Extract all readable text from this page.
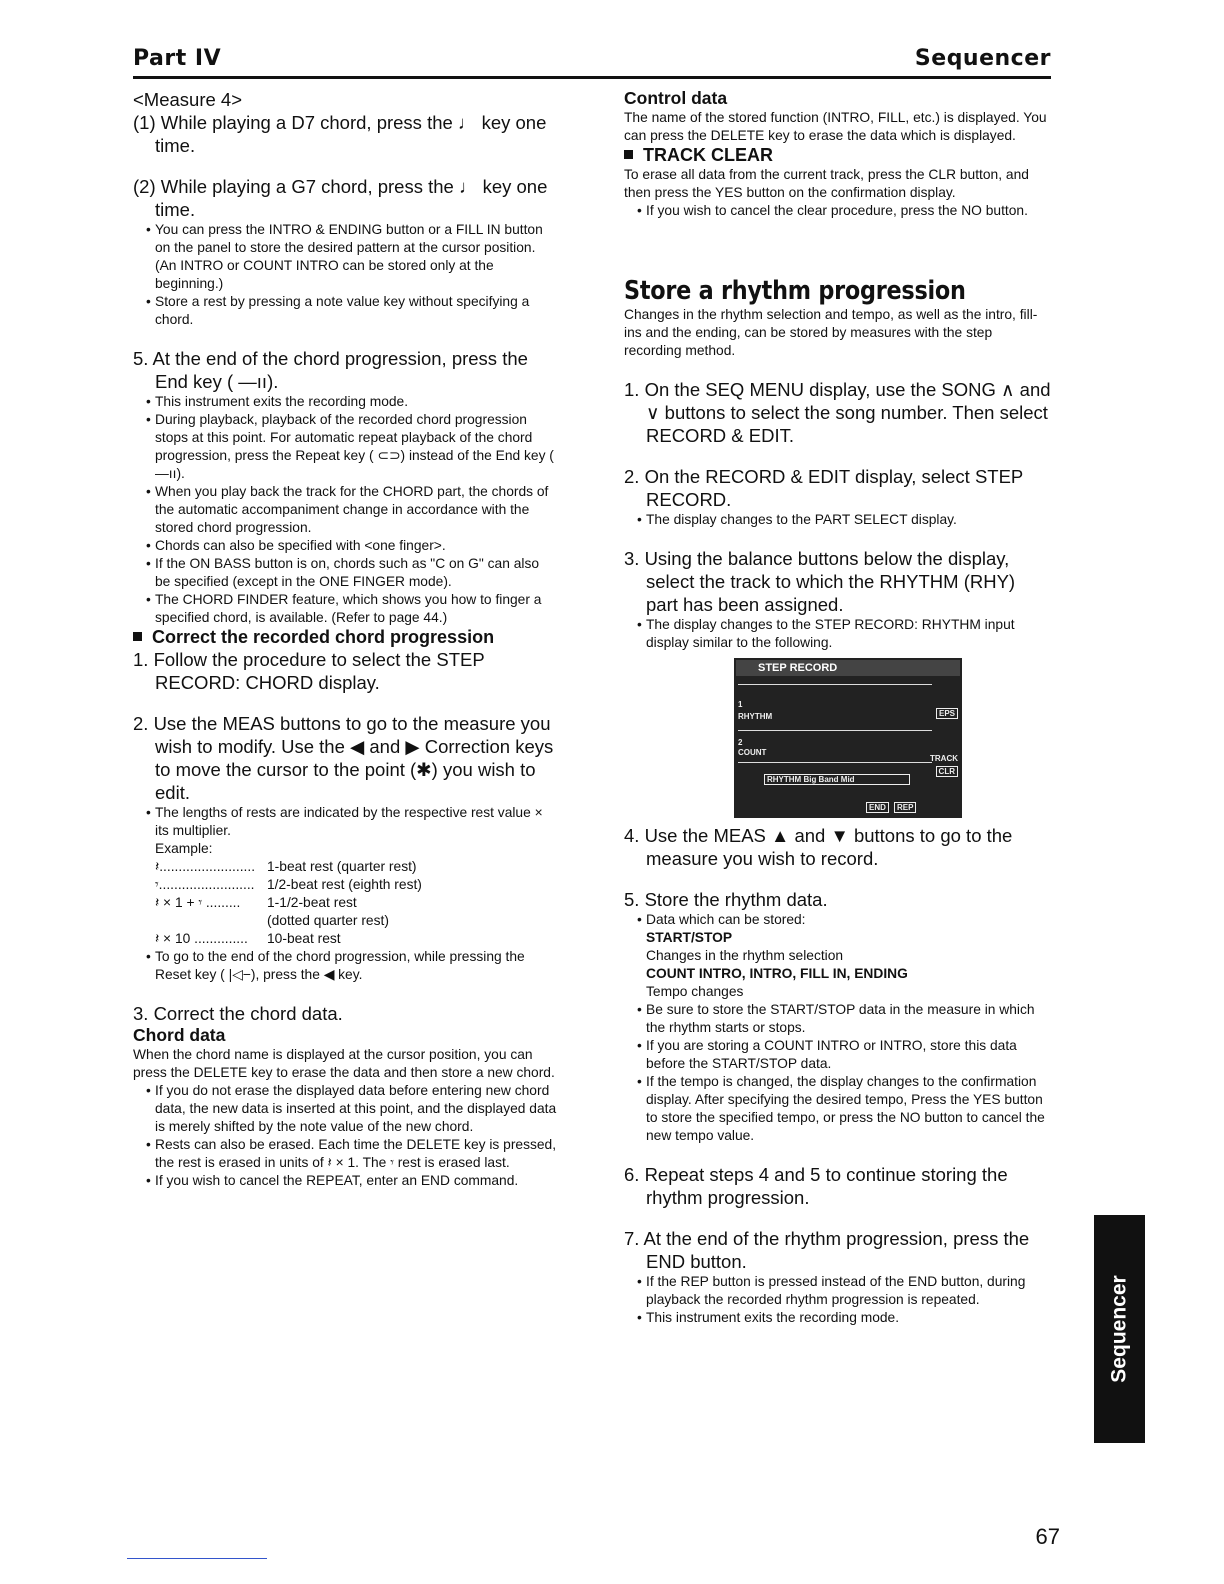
Part IV	Sequencer

<Measure 4>

(1) While playing a D7 chord, press the ♩ key one time.

(2) While playing a G7 chord, press the ♩ key one time.

• You can press the INTRO & ENDING button or a FILL IN button on the panel to store the desired pattern at the cursor position. (An INTRO or COUNT INTRO can be stored only at the beginning.)

• Store a rest by pressing a note value key without specifying a chord.

5. At the end of the chord progression, press the End key ( —ıı).

• This instrument exits the recording mode.

• During playback, playback of the recorded chord progression stops at this point. For automatic repeat playback of the chord progression, press the Repeat key ( ⊂⊃) instead of the End key ( —ıı).

• When you play back the track for the CHORD part, the chords of the automatic accompaniment change in accordance with the stored chord progression.

• Chords can also be specified with <one finger>.

• If the ON BASS button is on, chords such as "C on G" can also be specified (except in the ONE FINGER mode).

• The CHORD FINDER feature, which shows you how to finger a specified chord, is available. (Refer to page 44.)

Correct the recorded chord progression

1. Follow the procedure to select the STEP RECORD: CHORD display.

2. Use the MEAS buttons to go to the measure you wish to modify. Use the ◀ and ▶ Correction keys to move the cursor to the point (✱) you wish to edit.

• The lengths of rests are indicated by the respective rest value × its multiplier.

Example:

𝄽......................... 1-beat rest (quarter rest)
𝄾......................... 1/2-beat rest (eighth rest)
𝄽 × 1 + 𝄾 .........	1-1/2-beat rest
(dotted quarter rest)
𝄽 × 10 ..............	10-beat rest

• To go to the end of the chord progression, while pressing the Reset key ( |◁−), press the ◀ key.

3. Correct the chord data.

Chord data

When the chord name is displayed at the cursor position, you can press the DELETE key to erase the data and then store a new chord.

• If you do not erase the displayed data before entering new chord data, the new data is inserted at this point, and the displayed data is merely shifted by the note value of the new chord.

• Rests can also be erased. Each time the DELETE key is pressed, the rest is erased in units of 𝄽 × 1. The 𝄾 rest is erased last.

• If you wish to cancel the REPEAT, enter an END command.

Control data

The name of the stored function (INTRO, FILL, etc.) is displayed. You can press the DELETE key to erase the data which is displayed.

TRACK CLEAR

To erase all data from the current track, press the CLR button, and then press the YES button on the confirmation display.

• If you wish to cancel the clear procedure, press the NO button.

Store a rhythm progression

Changes in the rhythm selection and tempo, as well as the intro, fill-ins and the ending, can be stored by measures with the step recording method.

1. On the SEQ MENU display, use the SONG ∧ and ∨ buttons to select the song number. Then select RECORD & EDIT.

2. On the RECORD & EDIT display, select STEP RECORD.

• The display changes to the PART SELECT display.

3. Using the balance buttons below the display, select the track to which the RHYTHM (RHY) part has been assigned.

• The display changes to the STEP RECORD: RHYTHM input display similar to the following.

STEP RECORD
1
RHYTHM
2
COUNT
RHYTHM Big Band Mid
EPS
TRACK
CLR
END	REP

4. Use the MEAS ▲ and ▼ buttons to go to the measure you wish to record.

5. Store the rhythm data.

• Data which can be stored:

START/STOP
Changes in the rhythm selection
COUNT INTRO, INTRO, FILL IN, ENDING
Tempo changes

• Be sure to store the START/STOP data in the measure in which the rhythm starts or stops.

• If you are storing a COUNT INTRO or INTRO, store this data before the START/STOP data.

• If the tempo is changed, the display changes to the confirmation display. After specifying the desired tempo, Press the YES button to store the specified tempo, or press the NO button to cancel the new tempo value.

6. Repeat steps 4 and 5 to continue storing the rhythm progression.

7. At the end of the rhythm progression, press the END button.

• If the REP button is pressed instead of the END button, during playback the recorded rhythm progression is repeated.

• This instrument exits the recording mode.	Sequencer
67
